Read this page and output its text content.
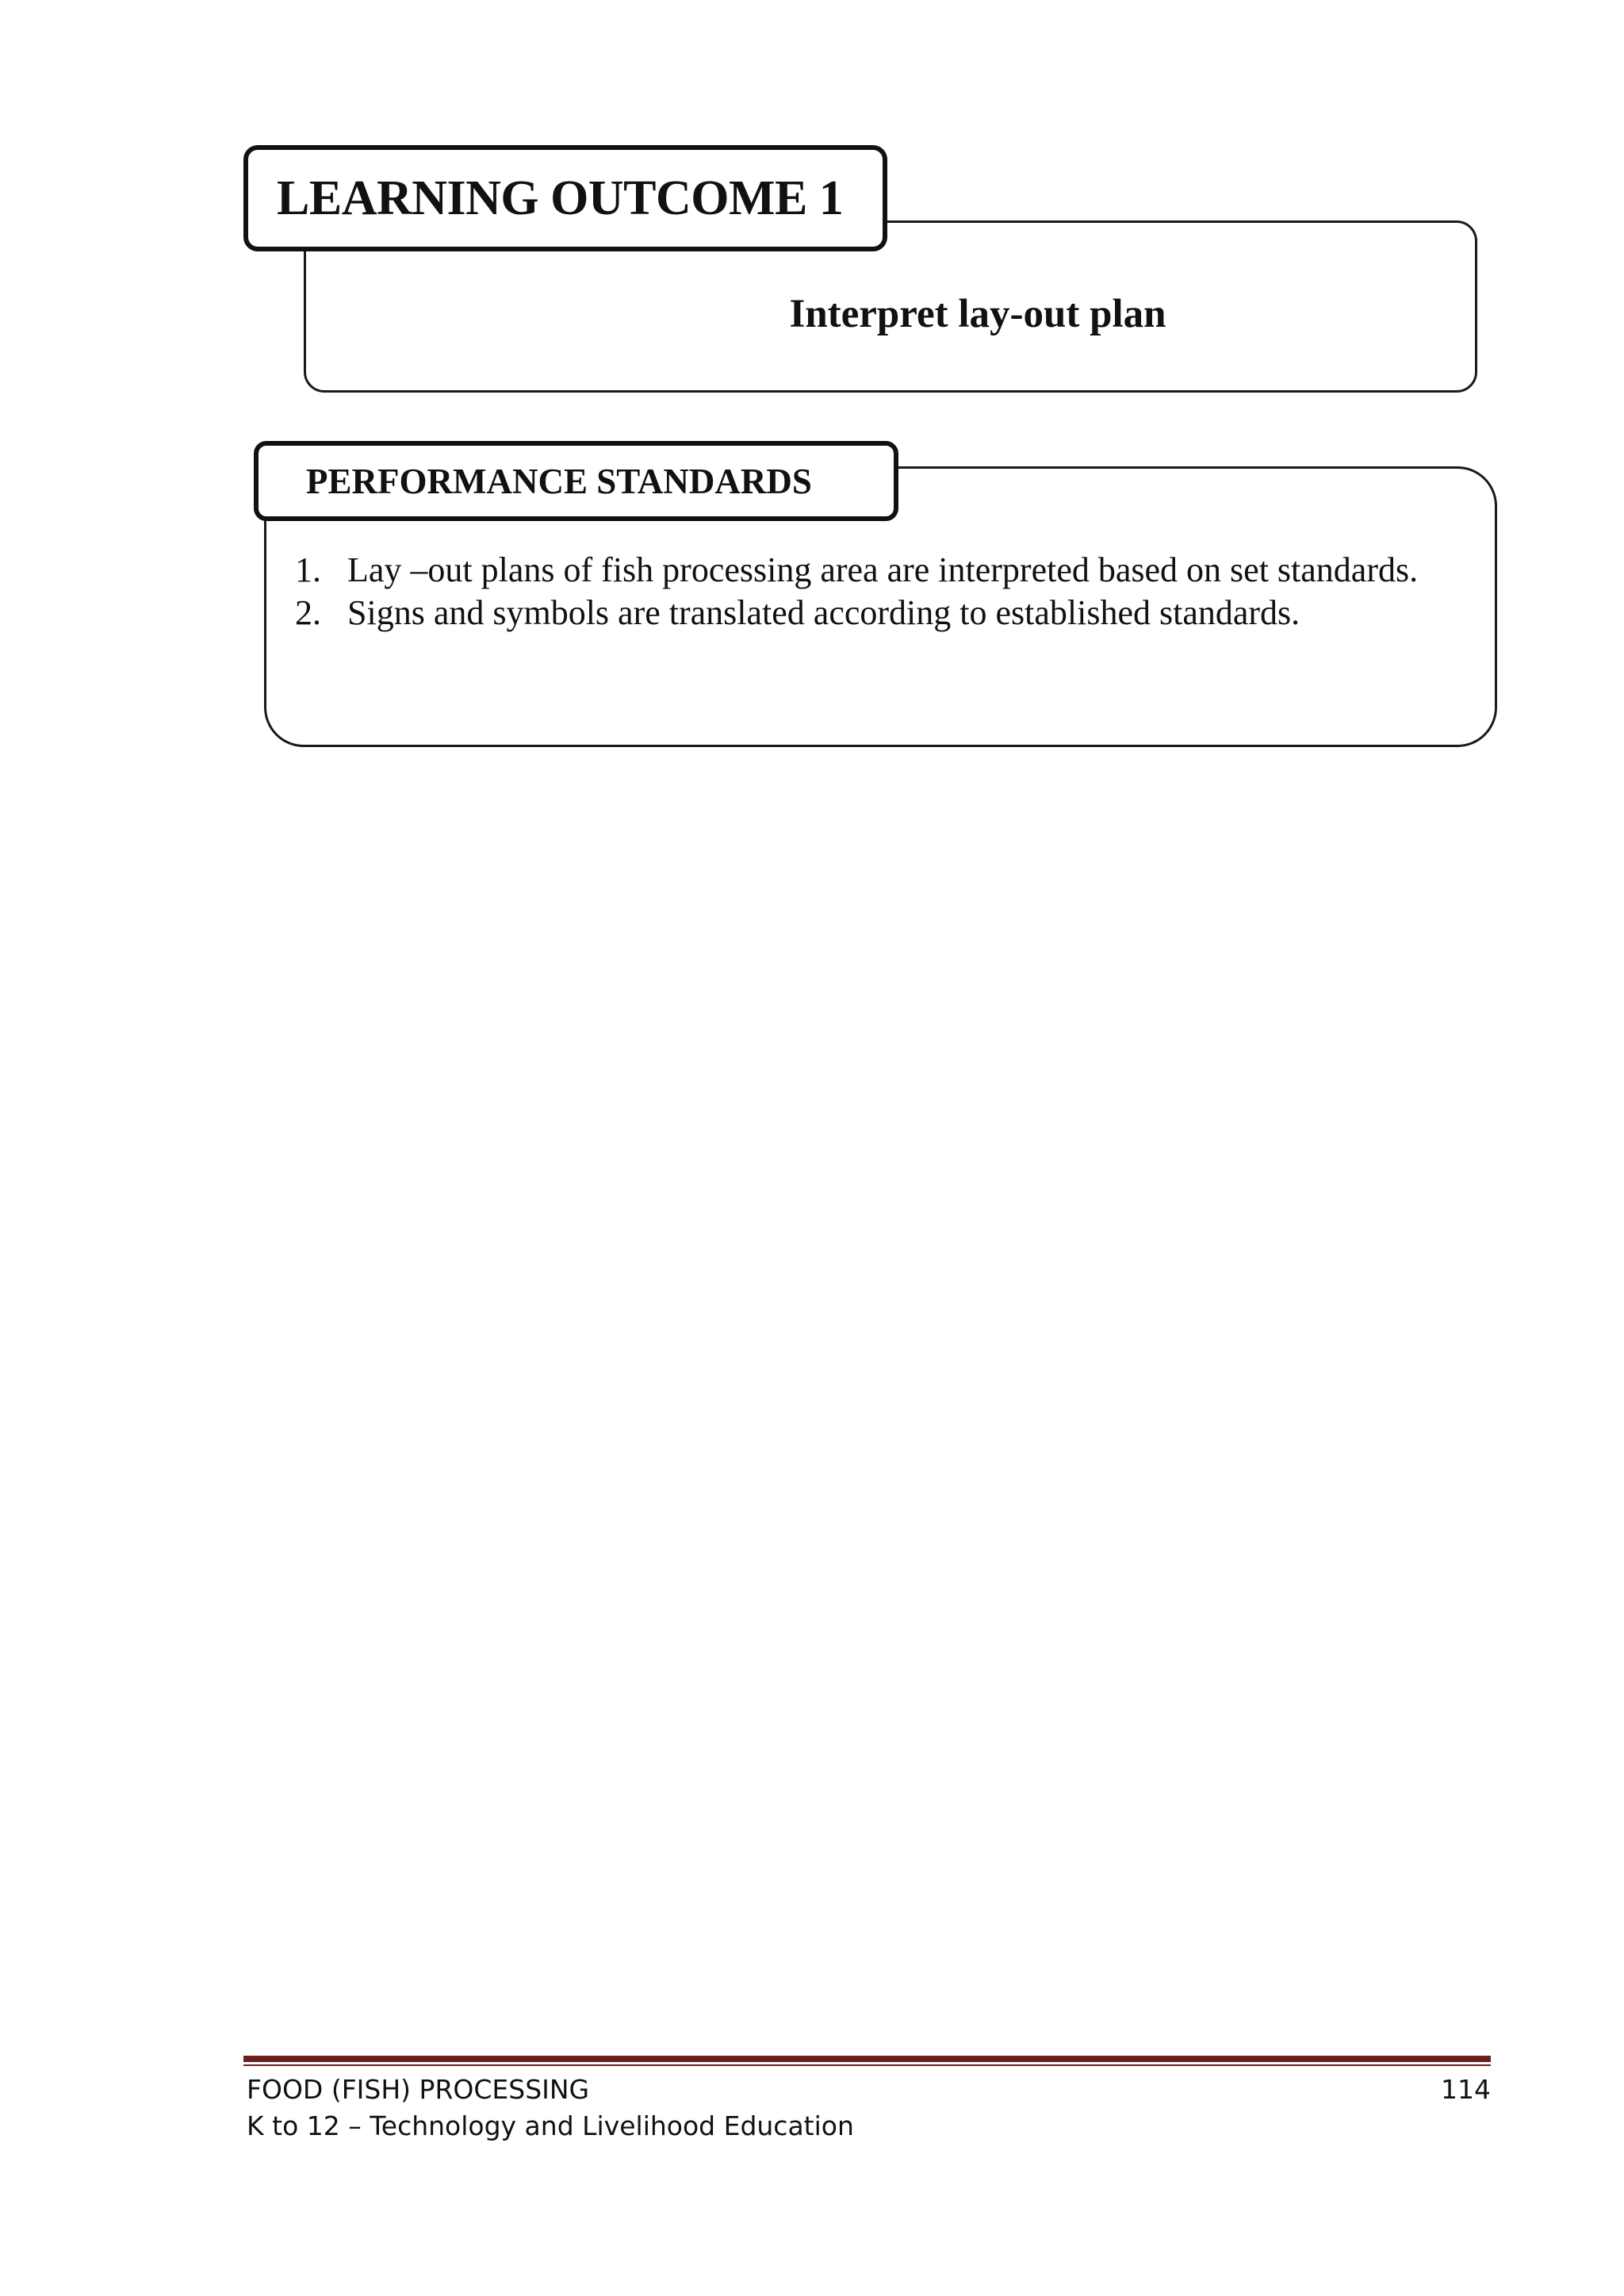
Interpret lay-out plan
LEARNING OUTCOME 1
PERFORMANCE STANDARDS
1. Lay –out plans of fish processing area are interpreted based on set standards.
2. Signs and symbols are translated according to established standards.
FOOD (FISH) PROCESSING
K to 12 – Technology and Livelihood Education
114
